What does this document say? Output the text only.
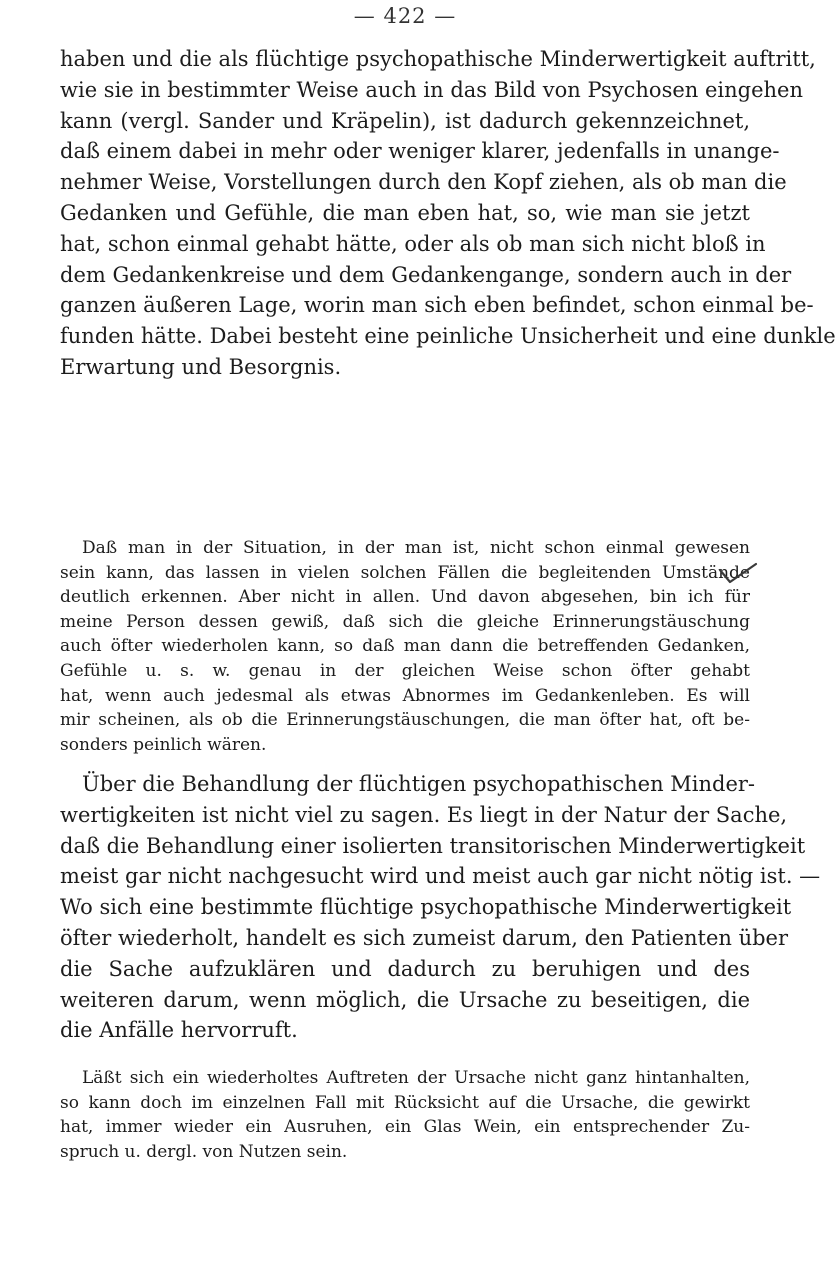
— 422 —
haben und die als flüchtige psychopathische Minderwertigkeit auftritt,
wie sie in bestimmter Weise auch in das Bild von Psychosen eingehen
kann (vergl. Sander und Kräpelin), ist dadurch gekennzeichnet,
daß einem dabei in mehr oder weniger klarer, jedenfalls in unange-
nehmer Weise, Vorstellungen durch den Kopf ziehen, als ob man die
Gedanken und Gefühle, die man eben hat, so, wie man sie jetzt
hat, schon einmal gehabt hätte, oder als ob man sich nicht bloß in
dem Gedankenkreise und dem Gedankengange, sondern auch in der
ganzen äußeren Lage, worin man sich eben befindet, schon einmal be-
funden hätte. Dabei besteht eine peinliche Unsicherheit und eine dunkle
Erwartung und Besorgnis.
Daß man in der Situation, in der man ist, nicht schon einmal gewesen
sein kann, das lassen in vielen solchen Fällen die begleitenden Umstände
deutlich erkennen. Aber nicht in allen. Und davon abgesehen, bin ich für
meine Person dessen gewiß, daß sich die gleiche Erinnerungstäuschung
auch öfter wiederholen kann, so daß man dann die betreffenden Gedanken,
Gefühle u. s. w. genau in der gleichen Weise schon öfter gehabt
hat, wenn auch jedesmal als etwas Abnormes im Gedankenleben. Es will
mir scheinen, als ob die Erinnerungstäuschungen, die man öfter hat, oft be-
sonders peinlich wären.
Über die Behandlung der flüchtigen psychopathischen Minder-
wertigkeiten ist nicht viel zu sagen. Es liegt in der Natur der Sache,
daß die Behandlung einer isolierten transitorischen Minderwertigkeit
meist gar nicht nachgesucht wird und meist auch gar nicht nötig ist. —
Wo sich eine bestimmte flüchtige psychopathische Minderwertigkeit
öfter wiederholt, handelt es sich zumeist darum, den Patienten über
die Sache aufzuklären und dadurch zu beruhigen und des
weiteren darum, wenn möglich, die Ursache zu beseitigen, die
die Anfälle hervorruft.
Läßt sich ein wiederholtes Auftreten der Ursache nicht ganz hintanhalten,
so kann doch im einzelnen Fall mit Rücksicht auf die Ursache, die gewirkt
hat, immer wieder ein Ausruhen, ein Glas Wein, ein entsprechender Zu-
spruch u. dergl. von Nutzen sein.
